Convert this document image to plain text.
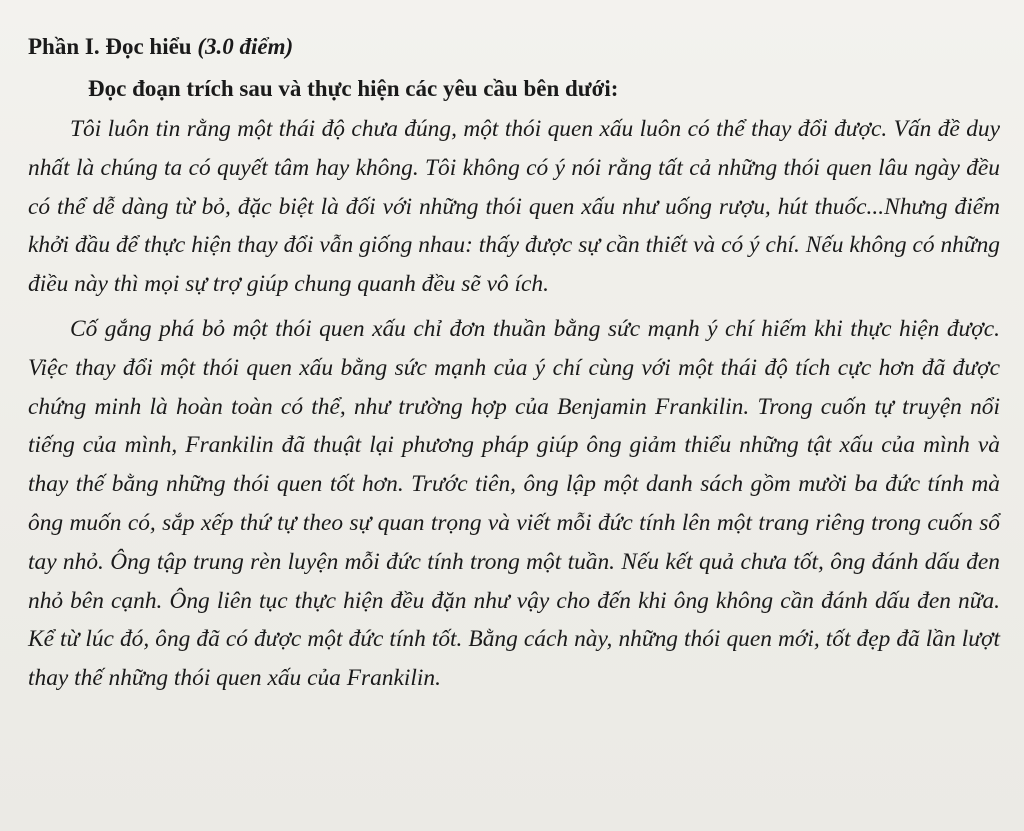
Phần I. Đọc hiểu (3.0 điểm)
Đọc đoạn trích sau và thực hiện các yêu cầu bên dưới:

Tôi luôn tin rằng một thái độ chưa đúng, một thói quen xấu luôn có thể thay đổi được. Vấn đề duy nhất là chúng ta có quyết tâm hay không. Tôi không có ý nói rằng tất cả những thói quen lâu ngày đều có thể dễ dàng từ bỏ, đặc biệt là đối với những thói quen xấu như uống rượu, hút thuốc...Nhưng điểm khởi đầu để thực hiện thay đổi vẫn giống nhau: thấy được sự cần thiết và có ý chí. Nếu không có những điều này thì mọi sự trợ giúp chung quanh đều sẽ vô ích.

Cố gắng phá bỏ một thói quen xấu chỉ đơn thuần bằng sức mạnh ý chí hiếm khi thực hiện được. Việc thay đổi một thói quen xấu bằng sức mạnh của ý chí cùng với một thái độ tích cực hơn đã được chứng minh là hoàn toàn có thể, như trường hợp của Benjamin Frankilin. Trong cuốn tự truyện nổi tiếng của mình, Frankilin đã thuật lại phương pháp giúp ông giảm thiểu những tật xấu của mình và thay thế bằng những thói quen tốt hơn. Trước tiên, ông lập một danh sách gồm mười ba đức tính mà ông muốn có, sắp xếp thứ tự theo sự quan trọng và viết mỗi đức tính lên một trang riêng trong cuốn sổ tay nhỏ. Ông tập trung rèn luyện mỗi đức tính trong một tuần. Nếu kết quả chưa tốt, ông đánh dấu đen nhỏ bên cạnh. Ông liên tục thực hiện đều đặn như vậy cho đến khi ông không cần đánh dấu đen nữa. Kể từ lúc đó, ông đã có được một đức tính tốt. Bằng cách này, những thói quen mới, tốt đẹp đã lần lượt thay thế những thói quen xấu của Frankilin.
